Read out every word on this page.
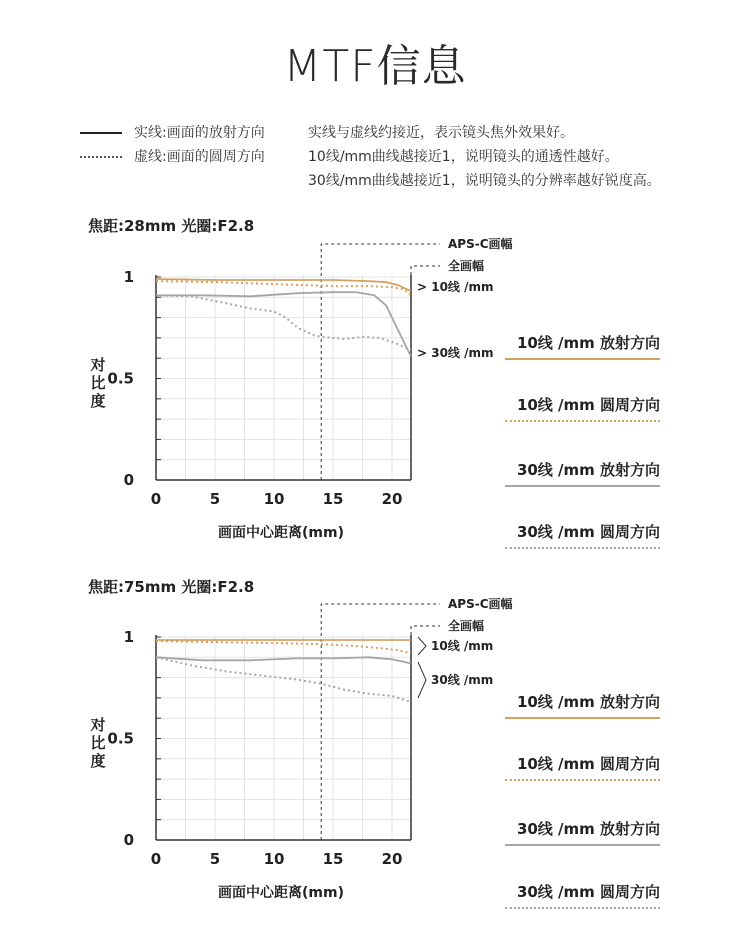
MTF信息
实线:画面的放射方向
虚线:画面的圆周方向
实线与虚线约接近，表示镜头焦外效果好。
10线/mm曲线越接近1，说明镜头的通透性越好。
30线/mm曲线越接近1，说明镜头的分辨率越好锐度高。
焦距:28mm 光圈:F2.8
0	5	10	15	20
0
0.5
1
对比度
画面中心距离(mm)
APS-C画幅
全画幅
> 10线 /mm
> 30线 /mm
10线 /mm 放射方向
10线 /mm 圆周方向
30线 /mm 放射方向
30线 /mm 圆周方向
焦距:75mm 光圈:F2.8
0	5	10	15	20
0
0.5
1
对比度
画面中心距离(mm)
APS-C画幅
全画幅
10线 /mm
30线 /mm
10线 /mm 放射方向
10线 /mm 圆周方向
30线 /mm 放射方向
30线 /mm 圆周方向
